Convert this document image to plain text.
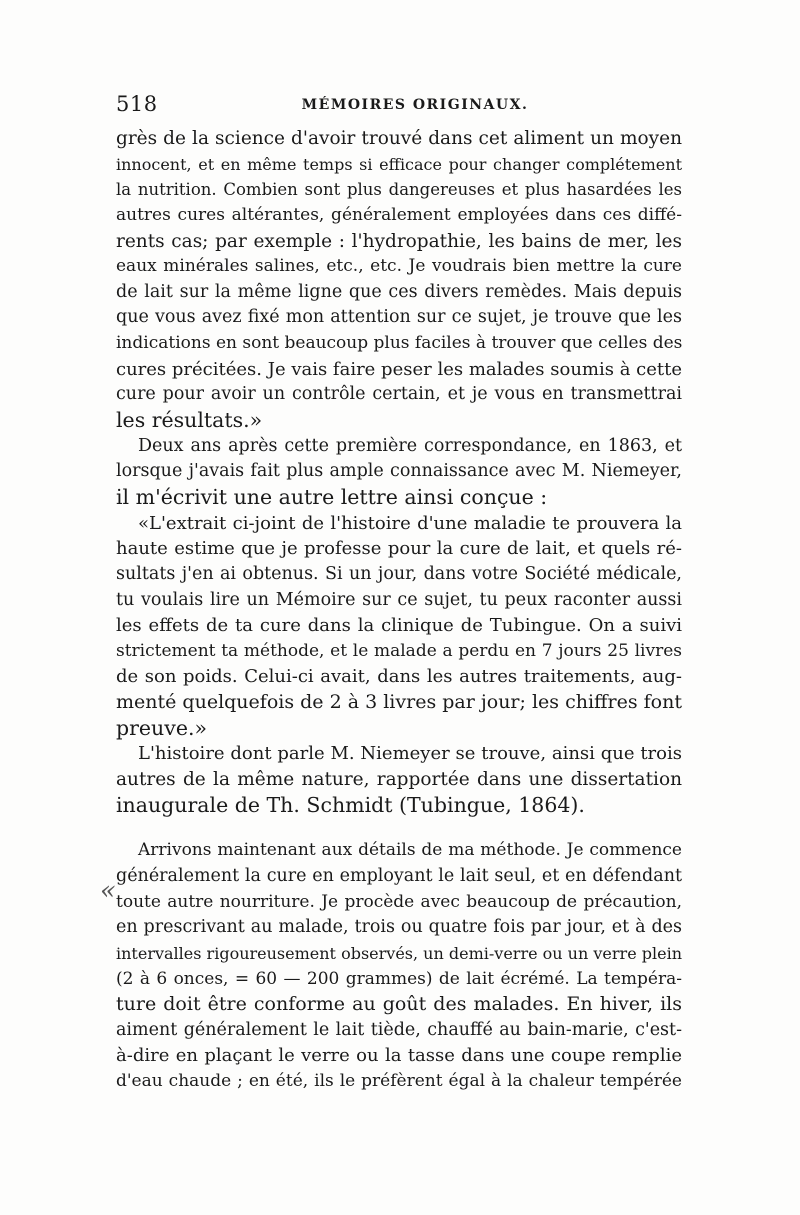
518	MÉMOIRES ORIGINAUX.
«
grès de la science d'avoir trouvé dans cet aliment un moyen
innocent, et en même temps si efficace pour changer complétement
la nutrition. Combien sont plus dangereuses et plus hasardées les
autres cures altérantes, généralement employées dans ces diffé-
rents cas; par exemple : l'hydropathie, les bains de mer, les
eaux minérales salines, etc., etc. Je voudrais bien mettre la cure
de lait sur la même ligne que ces divers remèdes. Mais depuis
que vous avez fixé mon attention sur ce sujet, je trouve que les
indications en sont beaucoup plus faciles à trouver que celles des
cures précitées. Je vais faire peser les malades soumis à cette
cure pour avoir un contrôle certain, et je vous en transmettrai
les résultats.»
Deux ans après cette première correspondance, en 1863, et
lorsque j'avais fait plus ample connaissance avec M. Niemeyer,
il m'écrivit une autre lettre ainsi conçue :
«L'extrait ci-joint de l'histoire d'une maladie te prouvera la
haute estime que je professe pour la cure de lait, et quels ré-
sultats j'en ai obtenus. Si un jour, dans votre Société médicale,
tu voulais lire un Mémoire sur ce sujet, tu peux raconter aussi
les effets de ta cure dans la clinique de Tubingue. On a suivi
strictement ta méthode, et le malade a perdu en 7 jours 25 livres
de son poids. Celui-ci avait, dans les autres traitements, aug-
menté quelquefois de 2 à 3 livres par jour; les chiffres font
preuve.»
L'histoire dont parle M. Niemeyer se trouve, ainsi que trois
autres de la même nature, rapportée dans une dissertation
inaugurale de Th. Schmidt (Tubingue, 1864).
Arrivons maintenant aux détails de ma méthode. Je commence
généralement la cure en employant le lait seul, et en défendant
toute autre nourriture. Je procède avec beaucoup de précaution,
en prescrivant au malade, trois ou quatre fois par jour, et à des
intervalles rigoureusement observés, un demi-verre ou un verre plein
(2 à 6 onces, = 60 — 200 grammes) de lait écrémé. La tempéra-
ture doit être conforme au goût des malades. En hiver, ils
aiment généralement le lait tiède, chauffé au bain-marie, c'est-
à-dire en plaçant le verre ou la tasse dans une coupe remplie
d'eau chaude ; en été, ils le préfèrent égal à la chaleur tempérée
